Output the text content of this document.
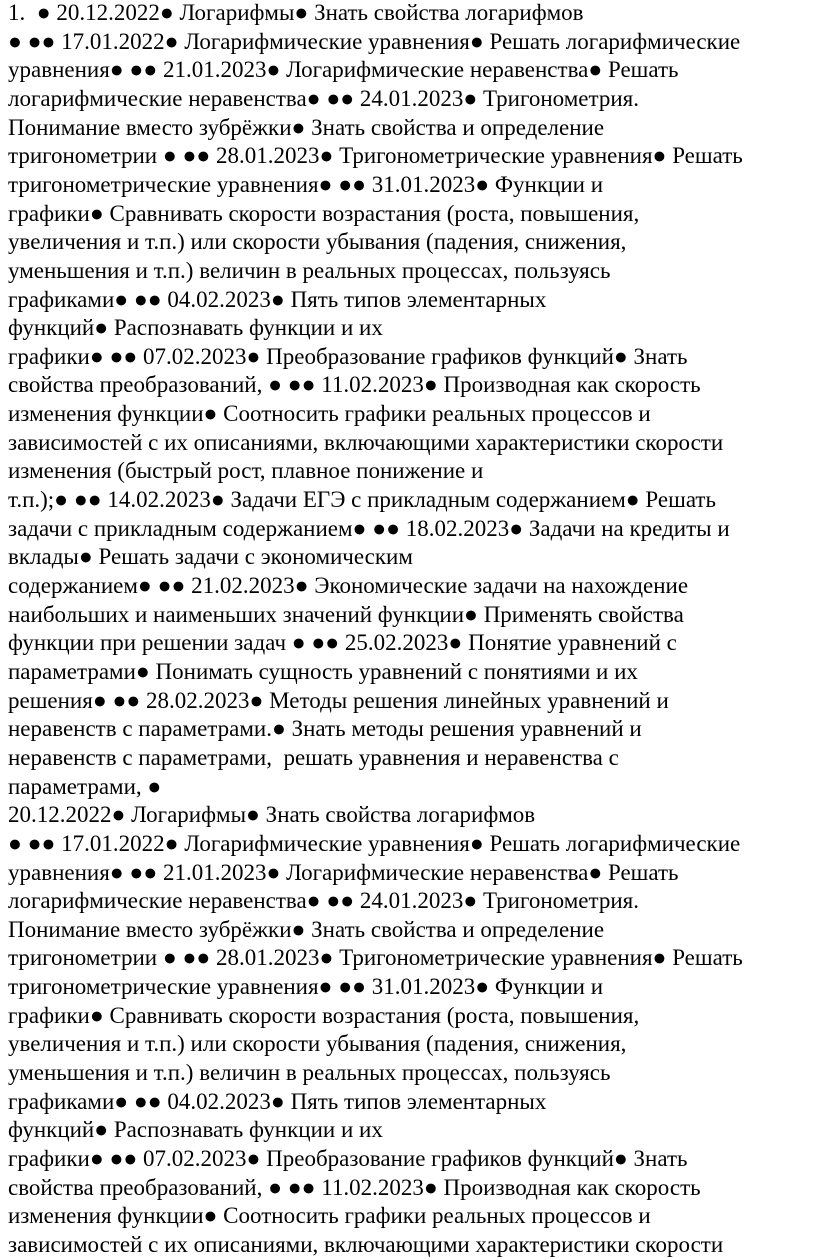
1.  ● 20.12.2022● Логарифмы● Знать свойства логарифмов
● ●● 17.01.2022● Логарифмические уравнения● Решать логарифмические
уравнения● ●● 21.01.2023● Логарифмические неравенства● Решать
логарифмические неравенства● ●● 24.01.2023● Тригонометрия.
Понимание вместо зубрёжки● Знать свойства и определение
тригонометрии ● ●● 28.01.2023● Тригонометрические уравнения● Решать
тригонометрические уравнения● ●● 31.01.2023● Функции и
графики● Сравнивать скорости возрастания (роста, повышения,
увеличения и т.п.) или скорости убывания (падения, снижения,
уменьшения и т.п.) величин в реальных процессах, пользуясь
графиками● ●● 04.02.2023● Пять типов элементарных
функций● Распознавать функции и их
графики● ●● 07.02.2023● Преобразование графиков функций● Знать
свойства преобразований, ● ●● 11.02.2023● Производная как скорость
изменения функции● Соотносить графики реальных процессов и
зависимостей с их описаниями, включающими характеристики скорости
изменения (быстрый рост, плавное понижение и
т.п.);● ●● 14.02.2023● Задачи ЕГЭ с прикладным содержанием● Решать
задачи с прикладным содержанием● ●● 18.02.2023● Задачи на кредиты и
вклады● Решать задачи с экономическим
содержанием● ●● 21.02.2023● Экономические задачи на нахождение
наибольших и наименьших значений функции● Применять свойства
функции при решении задач ● ●● 25.02.2023● Понятие уравнений с
параметрами● Понимать сущность уравнений с понятиями и их
решения● ●● 28.02.2023● Методы решения линейных уравнений и
неравенств с параметрами.● Знать методы решения уравнений и
неравенств с параметрами,  решать уравнения и неравенства с
параметрами, ●
20.12.2022● Логарифмы● Знать свойства логарифмов
● ●● 17.01.2022● Логарифмические уравнения● Решать логарифмические
уравнения● ●● 21.01.2023● Логарифмические неравенства● Решать
логарифмические неравенства● ●● 24.01.2023● Тригонометрия.
Понимание вместо зубрёжки● Знать свойства и определение
тригонометрии ● ●● 28.01.2023● Тригонометрические уравнения● Решать
тригонометрические уравнения● ●● 31.01.2023● Функции и
графики● Сравнивать скорости возрастания (роста, повышения,
увеличения и т.п.) или скорости убывания (падения, снижения,
уменьшения и т.п.) величин в реальных процессах, пользуясь
графиками● ●● 04.02.2023● Пять типов элементарных
функций● Распознавать функции и их
графики● ●● 07.02.2023● Преобразование графиков функций● Знать
свойства преобразований, ● ●● 11.02.2023● Производная как скорость
изменения функции● Соотносить графики реальных процессов и
зависимостей с их описаниями, включающими характеристики скорости
